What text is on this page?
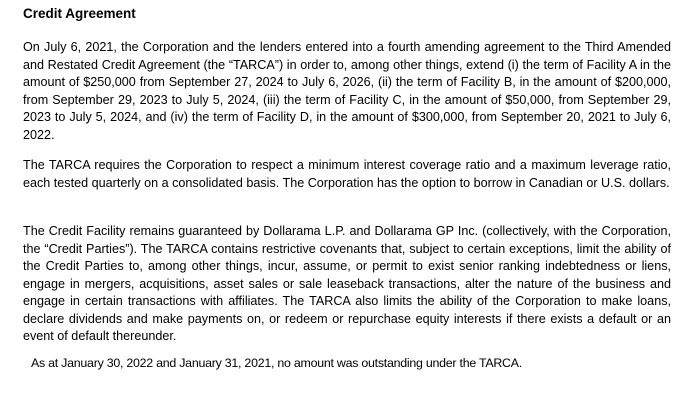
Credit Agreement

On July 6, 2021, the Corporation and the lenders entered into a fourth amending agreement to the Third Amended and Restated Credit Agreement (the “TARCA”) in order to, among other things, extend (i) the term of Facility A in the amount of $250,000 from September 27, 2024 to July 6, 2026, (ii) the term of Facility B, in the amount of $200,000, from September 29, 2023 to July 5, 2024, (iii) the term of Facility C, in the amount of $50,000, from September 29, 2023 to July 5, 2024, and (iv) the term of Facility D, in the amount of $300,000, from September 20, 2021 to July 6, 2022.

The TARCA requires the Corporation to respect a minimum interest coverage ratio and a maximum leverage ratio, each tested quarterly on a consolidated basis. The Corporation has the option to borrow in Canadian or U.S. dollars.

The Credit Facility remains guaranteed by Dollarama L.P. and Dollarama GP Inc. (collectively, with the Corporation, the “Credit Parties”). The TARCA contains restrictive covenants that, subject to certain exceptions, limit the ability of the Credit Parties to, among other things, incur, assume, or permit to exist senior ranking indebtedness or liens, engage in mergers, acquisitions, asset sales or sale leaseback transactions, alter the nature of the business and engage in certain transactions with affiliates. The TARCA also limits the ability of the Corporation to make loans, declare dividends and make payments on, or redeem or repurchase equity interests if there exists a default or an event of default thereunder.

As at January 30, 2022 and January 31, 2021, no amount was outstanding under the TARCA.
